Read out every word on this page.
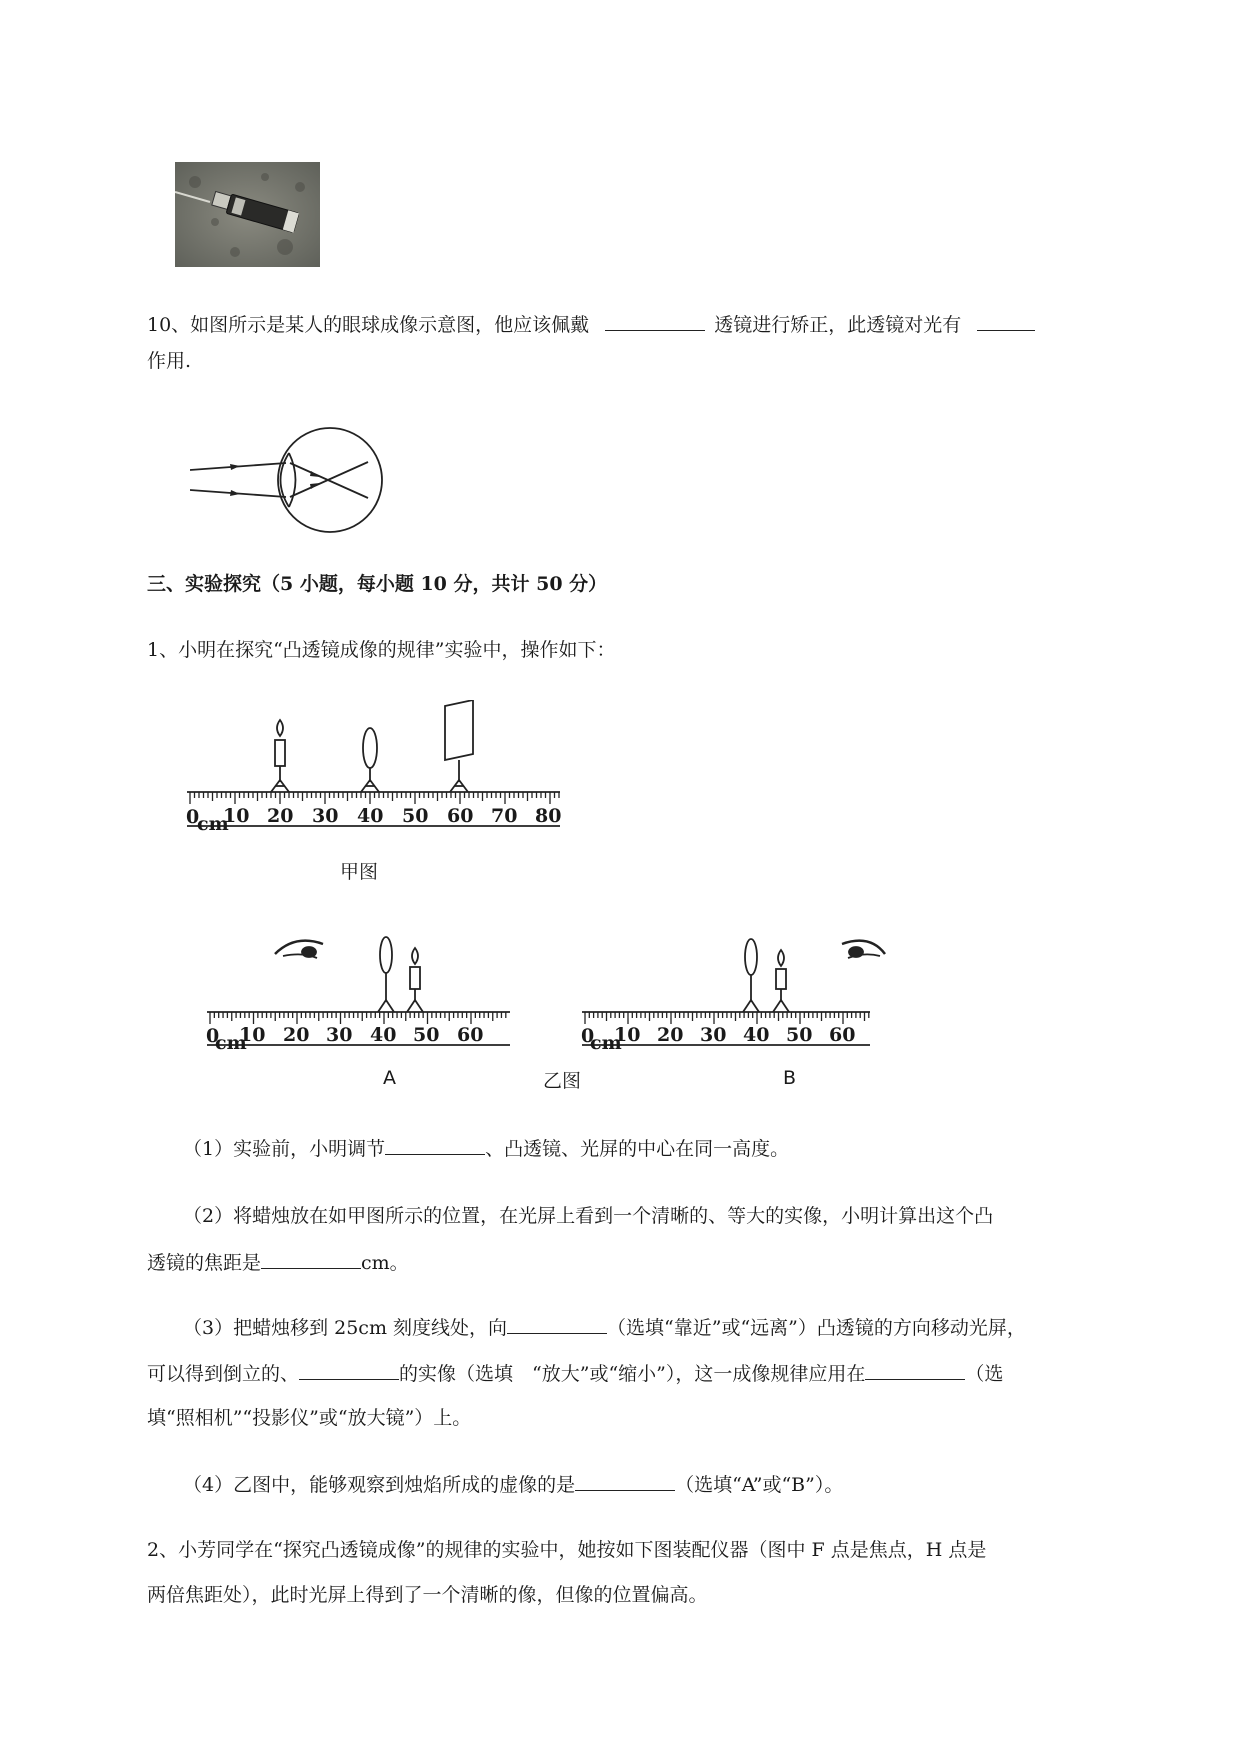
10、如图所示是某人的眼球成像示意图，他应该佩戴	透镜进行矫正，此透镜对光有
作用.
三、实验探究（5 小题，每小题 10 分，共计 50 分）
1、小明在探究“凸透镜成像的规律”实验中，操作如下：
0
cm
10 20 30 40 50 60 70 80
甲图
0
cm
10 20 30 40 50 60
A
0
cm
10 20 30 40 50 60
乙图	B
（1）实验前，小明调节	、凸透镜、光屏的中心在同一高度。
（2）将蜡烛放在如甲图所示的位置，在光屏上看到一个清晰的、等大的实像，小明计算出这个凸
透镜的焦距是	cm。
（3）把蜡烛移到 25cm 刻度线处，向	（选填“靠近”或“远离”）凸透镜的方向移动光屏，
可以得到倒立的、	的实像（选填　“放大”或“缩小”），这一成像规律应用在	（选
填“照相机”“投影仪”或“放大镜”）上。
（4）乙图中，能够观察到烛焰所成的虚像的是	（选填“A”或“B”）。
2、小芳同学在“探究凸透镜成像”的规律的实验中，她按如下图装配仪器（图中 F 点是焦点，H 点是
两倍焦距处），此时光屏上得到了一个清晰的像，但像的位置偏高。
